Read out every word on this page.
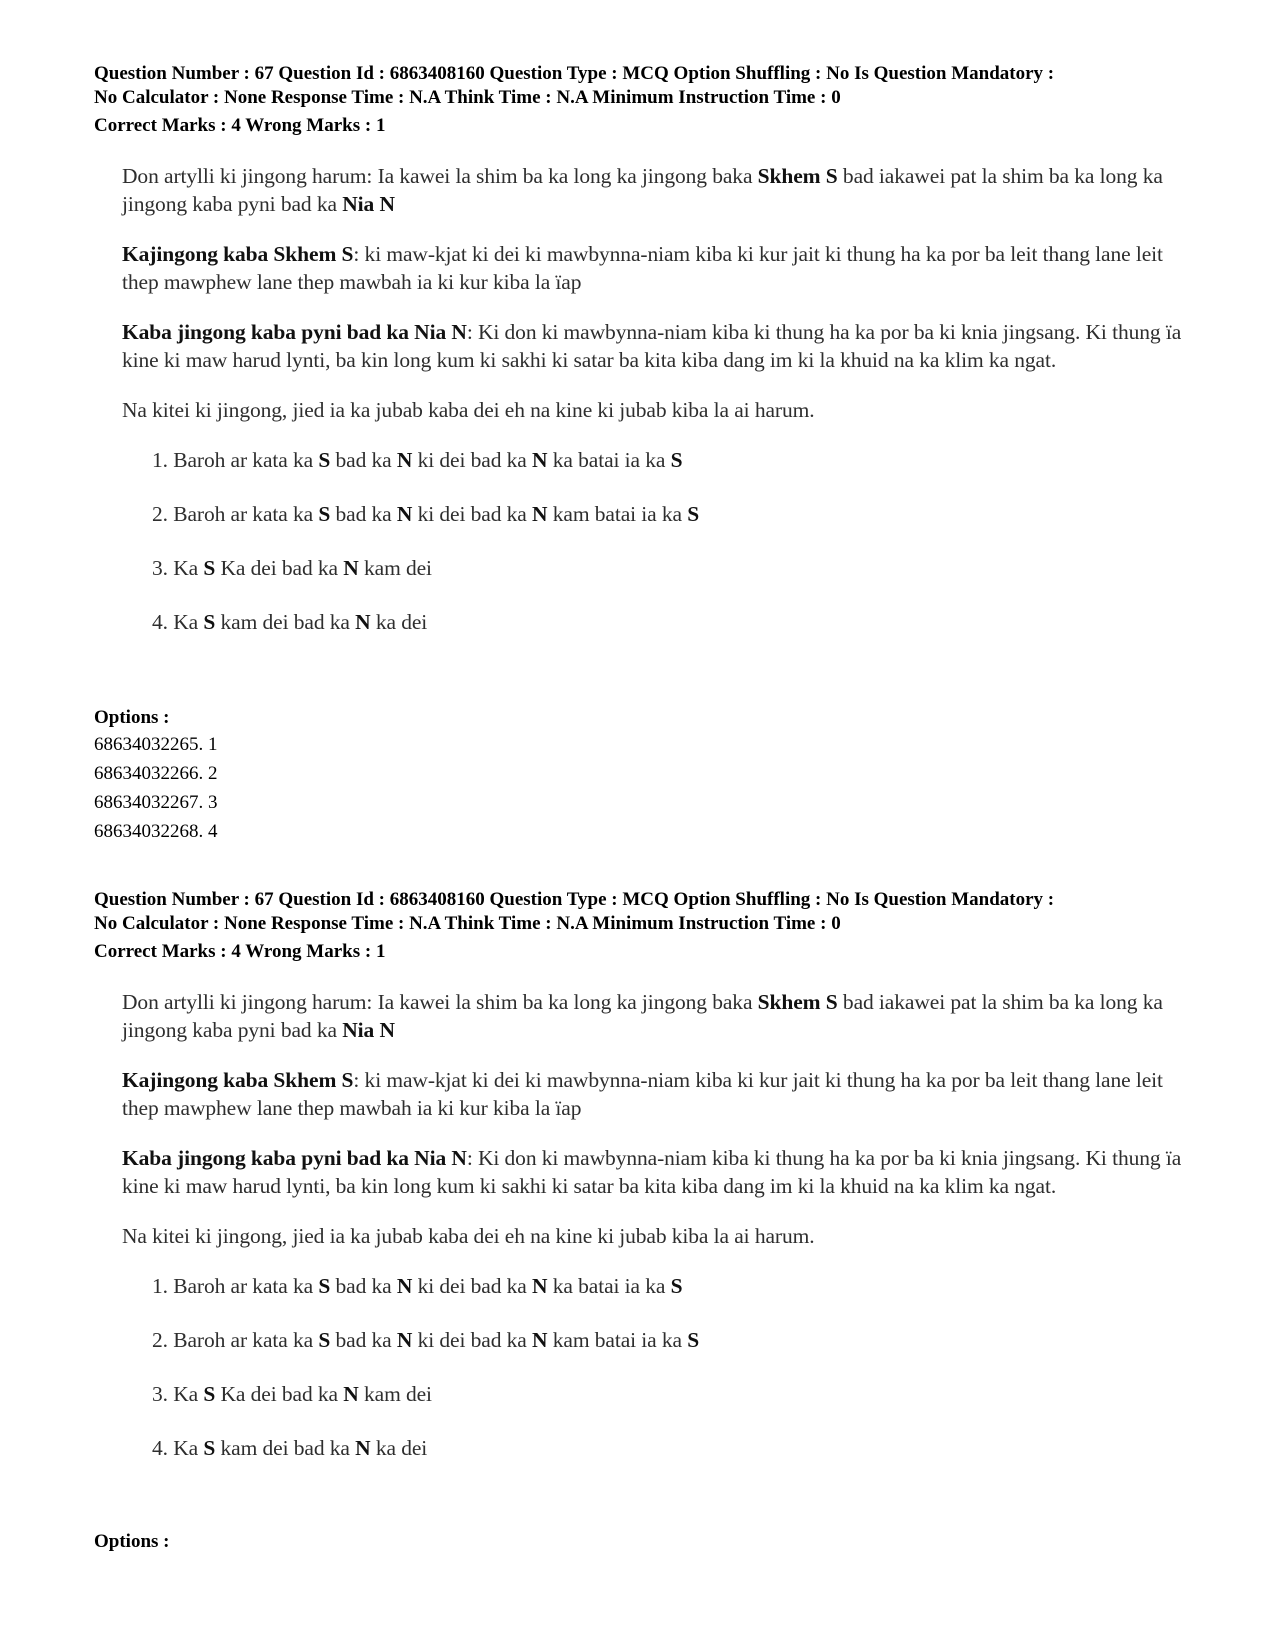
Question Number : 67 Question Id : 6863408160 Question Type : MCQ Option Shuffling : No Is Question Mandatory :

No Calculator : None Response Time : N.A Think Time : N.A Minimum Instruction Time : 0

Correct Marks : 4 Wrong Marks : 1

Don artylli ki jingong harum: Ia kawei la shim ba ka long ka jingong baka Skhem S bad iakawei pat la shim ba ka long ka jingong kaba pyni bad ka Nia N

Kajingong kaba Skhem S: ki maw-kjat ki dei ki mawbynna-niam kiba ki kur jait ki thung ha ka por ba leit thang lane leit thep mawphew lane thep mawbah ia ki kur kiba la ïap

Kaba jingong kaba pyni bad ka Nia N: Ki don ki mawbynna-niam kiba ki thung ha ka por ba ki knia jingsang. Ki thung ïa kine ki maw harud lynti, ba kin long kum ki sakhi ki satar ba kita kiba dang im ki la khuid na ka klim ka ngat.

Na kitei ki jingong, jied ia ka jubab kaba dei eh na kine ki jubab kiba la ai harum.

1. Baroh ar kata ka S bad ka N ki dei bad ka N ka batai ia ka S
2. Baroh ar kata ka S bad ka N ki dei bad ka N kam batai ia ka S
3. Ka S Ka dei bad ka N kam dei
4. Ka S kam dei bad ka N ka dei

Options :

68634032265. 1

68634032266. 2

68634032267. 3

68634032268. 4

Question Number : 67 Question Id : 6863408160 Question Type : MCQ Option Shuffling : No Is Question Mandatory :

No Calculator : None Response Time : N.A Think Time : N.A Minimum Instruction Time : 0

Correct Marks : 4 Wrong Marks : 1

Don artylli ki jingong harum: Ia kawei la shim ba ka long ka jingong baka Skhem S bad iakawei pat la shim ba ka long ka jingong kaba pyni bad ka Nia N

Kajingong kaba Skhem S: ki maw-kjat ki dei ki mawbynna-niam kiba ki kur jait ki thung ha ka por ba leit thang lane leit thep mawphew lane thep mawbah ia ki kur kiba la ïap

Kaba jingong kaba pyni bad ka Nia N: Ki don ki mawbynna-niam kiba ki thung ha ka por ba ki knia jingsang. Ki thung ïa kine ki maw harud lynti, ba kin long kum ki sakhi ki satar ba kita kiba dang im ki la khuid na ka klim ka ngat.

Na kitei ki jingong, jied ia ka jubab kaba dei eh na kine ki jubab kiba la ai harum.

1. Baroh ar kata ka S bad ka N ki dei bad ka N ka batai ia ka S
2. Baroh ar kata ka S bad ka N ki dei bad ka N kam batai ia ka S
3. Ka S Ka dei bad ka N kam dei
4. Ka S kam dei bad ka N ka dei

Options :
